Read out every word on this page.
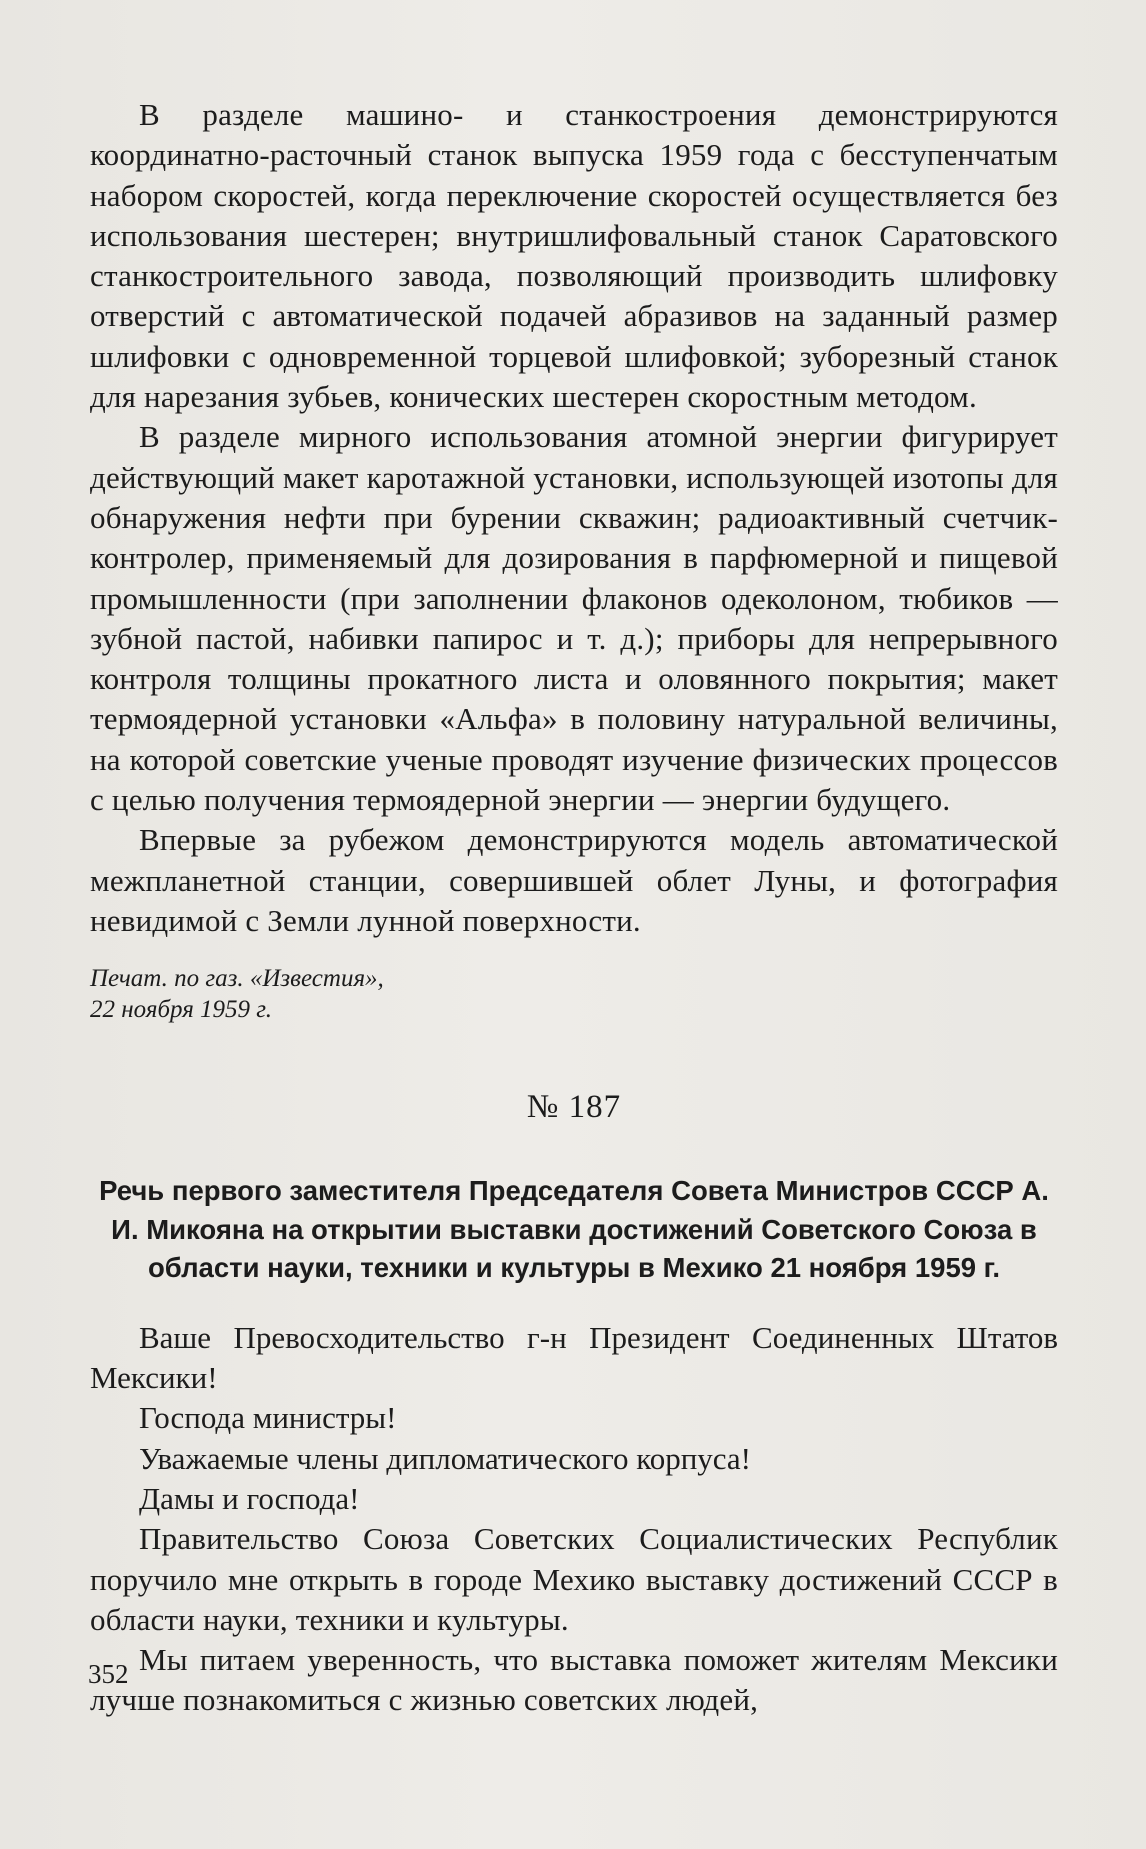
В разделе машино- и станкостроения демонстрируются координатно-расточный станок выпуска 1959 года с бесступенчатым набором скоростей, когда переключение скоростей осуществляется без использования шестерен; внутришлифовальный станок Саратовского станкостроительного завода, позволяющий производить шлифовку отверстий с автоматической подачей абразивов на заданный размер шлифовки с одновременной торцевой шлифовкой; зуборезный станок для нарезания зубьев, конических шестерен скоростным методом.

В разделе мирного использования атомной энергии фигурирует действующий макет каротажной установки, использующей изотопы для обнаружения нефти при бурении скважин; радиоактивный счетчик-контролер, применяемый для дозирования в парфюмерной и пищевой промышленности (при заполнении флаконов одеколоном, тюбиков — зубной пастой, набивки папирос и т. д.); приборы для непрерывного контроля толщины прокатного листа и оловянного покрытия; макет термоядерной установки «Альфа» в половину натуральной величины, на которой советские ученые проводят изучение физических процессов с целью получения термоядерной энергии — энергии будущего.

Впервые за рубежом демонстрируются модель автоматической межпланетной станции, совершившей облет Луны, и фотография невидимой с Земли лунной поверхности.

Печат. по газ. «Известия»,
22 ноября 1959 г.
№ 187
Речь первого заместителя Председателя Совета Министров СССР А. И. Микояна на открытии выставки достижений Советского Союза в области науки, техники и культуры в Мехико 21 ноября 1959 г.

Ваше Превосходительство г-н Президент Соединенных Штатов Мексики!

Господа министры!

Уважаемые члены дипломатического корпуса!

Дамы и господа!

Правительство Союза Советских Социалистических Республик поручило мне открыть в городе Мехико выставку достижений СССР в области науки, техники и культуры.

Мы питаем уверенность, что выставка поможет жителям Мексики лучше познакомиться с жизнью советских людей,

352
